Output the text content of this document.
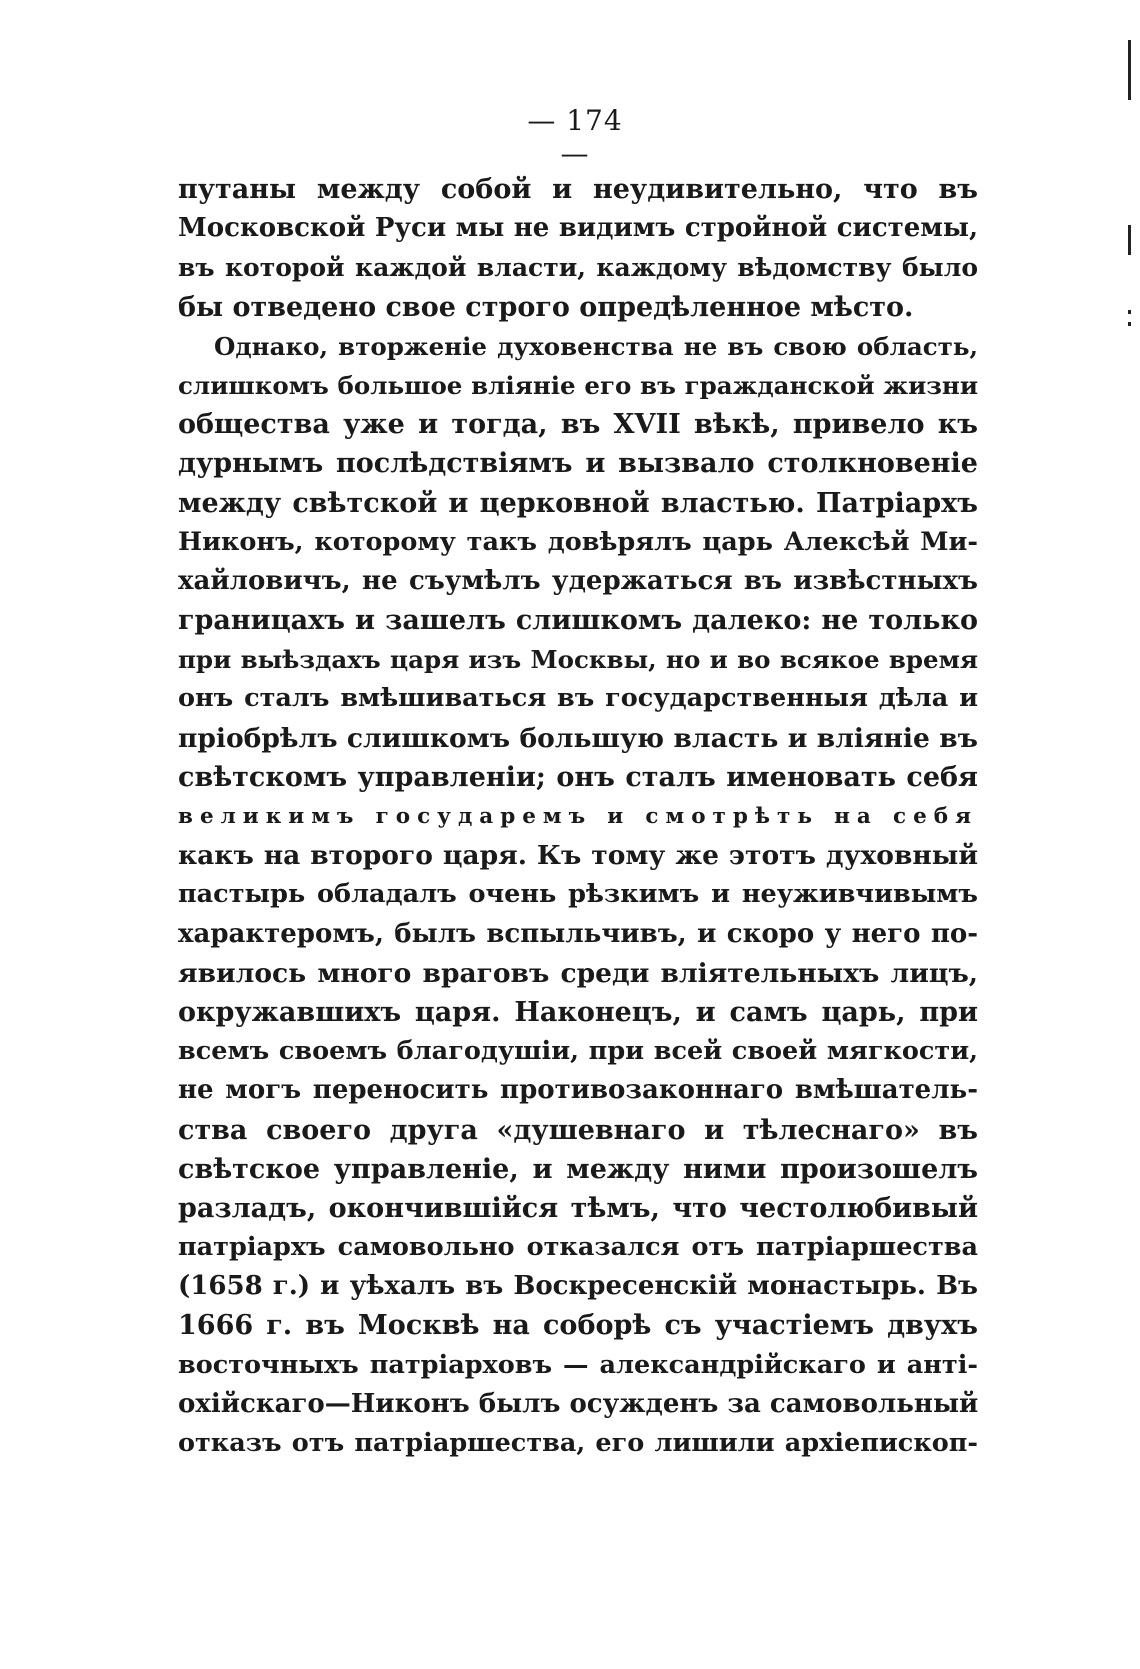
— 174 —
путаны между собой и неудивительно, что въ
Московской Руси мы не видимъ стройной системы,
въ которой каждой власти, каждому вѣдомству было
бы отведено свое строго опредѣленное мѣсто.
Однако, вторженіе духовенства не въ свою область,
слишкомъ большое вліяніе его въ гражданской жизни
общества уже и тогда, въ XVII вѣкѣ, привело къ
дурнымъ послѣдствіямъ и вызвало столкновеніе
между свѣтской и церковной властью. Патріархъ
Никонъ, которому такъ довѣрялъ царь Алексѣй Ми-
хайловичъ, не съумѣлъ удержаться въ извѣстныхъ
границахъ и зашелъ слишкомъ далеко: не только
при выѣздахъ царя изъ Москвы, но и во всякое время
онъ сталъ вмѣшиваться въ государственныя дѣла и
пріобрѣлъ слишкомъ большую власть и вліяніе въ
свѣтскомъ управленіи; онъ сталъ именовать себя
великимъ государемъ и смотрѣть на себя
какъ на второго царя. Къ тому же этотъ духовный
пастырь обладалъ очень рѣзкимъ и неуживчивымъ
характеромъ, былъ вспыльчивъ, и скоро у него по-
явилось много враговъ среди вліятельныхъ лицъ,
окружавшихъ царя. Наконецъ, и самъ царь, при
всемъ своемъ благодушіи, при всей своей мягкости,
не могъ переносить противозаконнаго вмѣшатель-
ства своего друга «душевнаго и тѣлеснаго» въ
свѣтское управленіе, и между ними произошелъ
разладъ, окончившійся тѣмъ, что честолюбивый
патріархъ самовольно отказался отъ патріаршества
(1658 г.) и уѣхалъ въ Воскресенскій монастырь. Въ
1666 г. въ Москвѣ на соборѣ съ участіемъ двухъ
восточныхъ патріарховъ — александрійскаго и анті-
охійскаго—Никонъ былъ осужденъ за самовольный
отказъ отъ патріаршества, его лишили архіепископ-
